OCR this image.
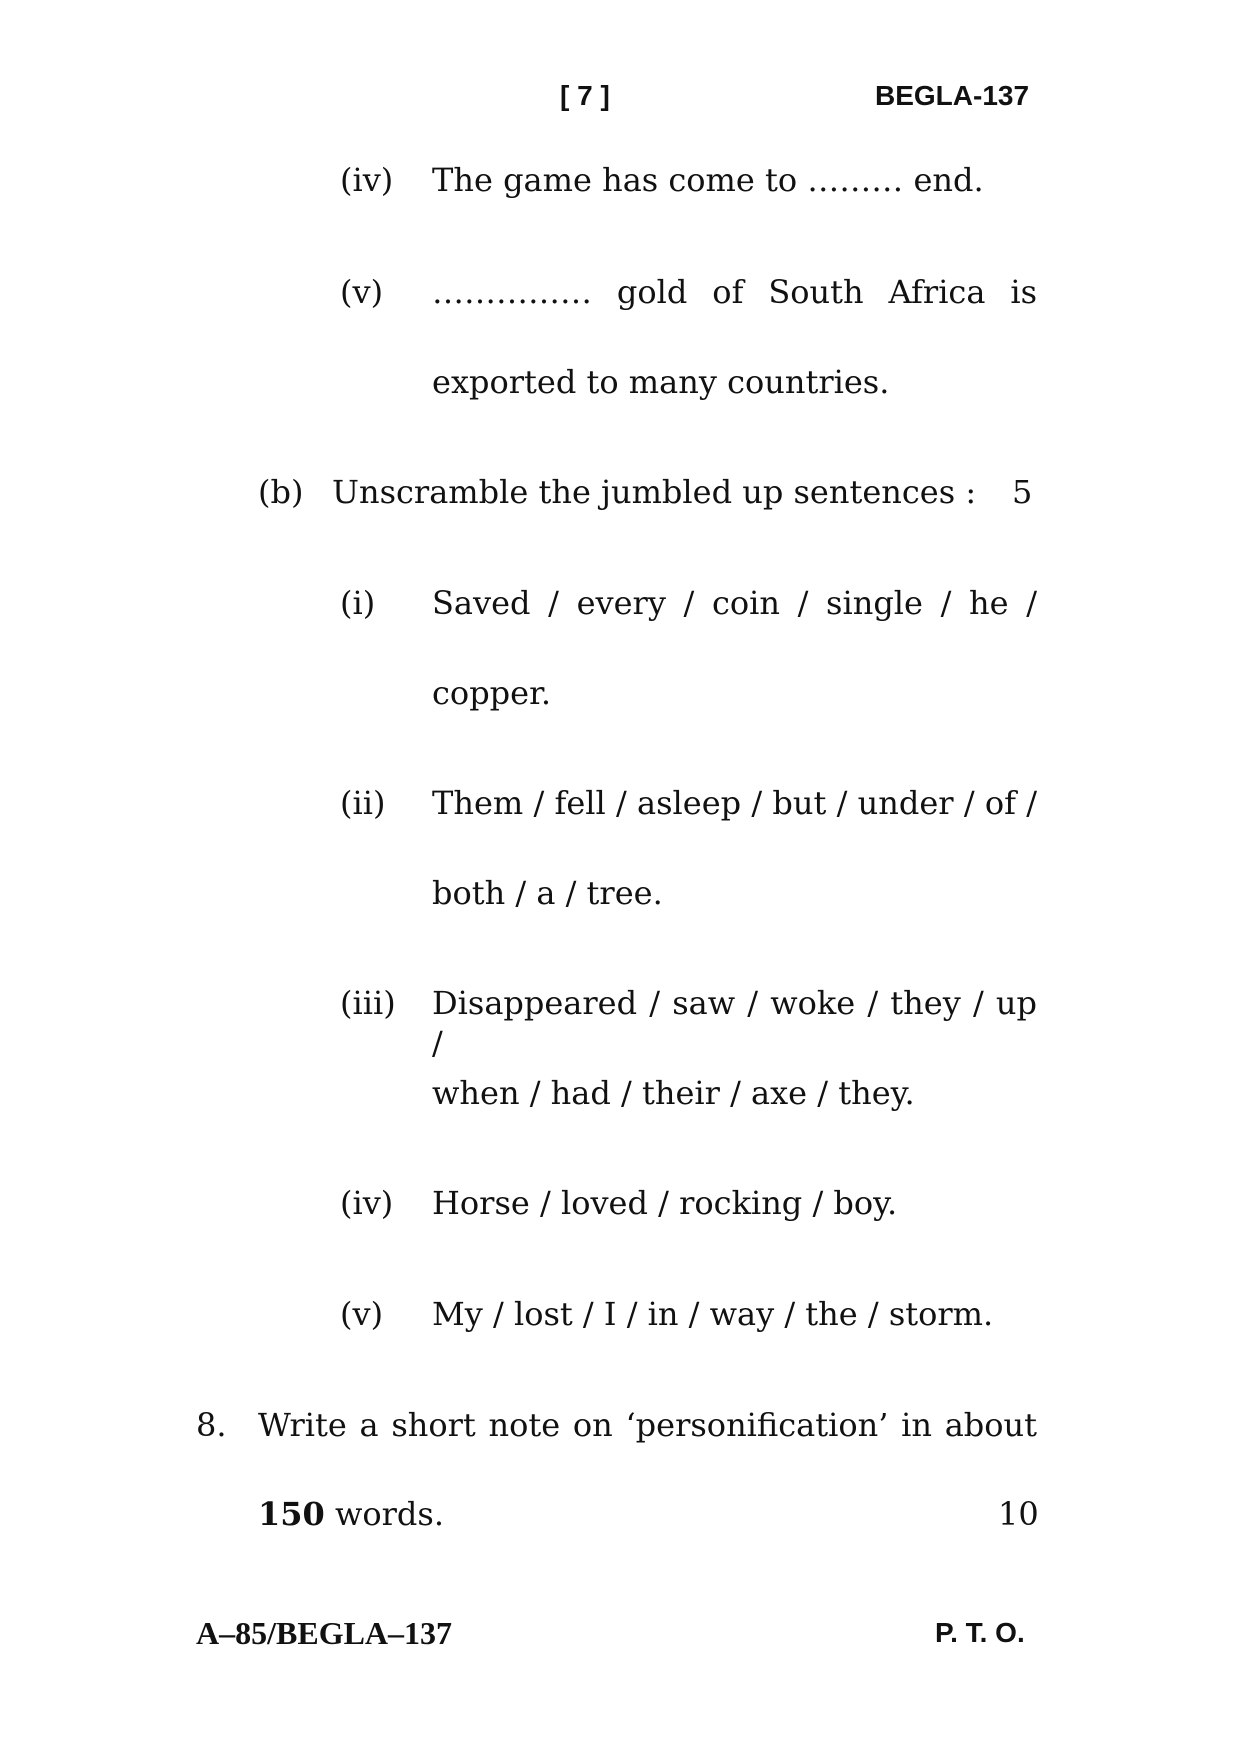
[ 7 ]	BEGLA-137
(iv) The game has come to ……… end.
(v) …………… gold of South Africa is
exported to many countries.
(b) Unscramble the jumbled up sentences : 5
(i) Saved / every / coin / single / he /
copper.
(ii) Them / fell / asleep / but / under / of /
both / a / tree.
(iii) Disappeared / saw / woke / they / up /
when / had / their / axe / they.
(iv) Horse / loved / rocking / boy.
(v) My / lost / I / in / way / the / storm.
8. Write a short note on ‘personification’ in about
150 words.	10
A–85/BEGLA–137	P. T. O.
